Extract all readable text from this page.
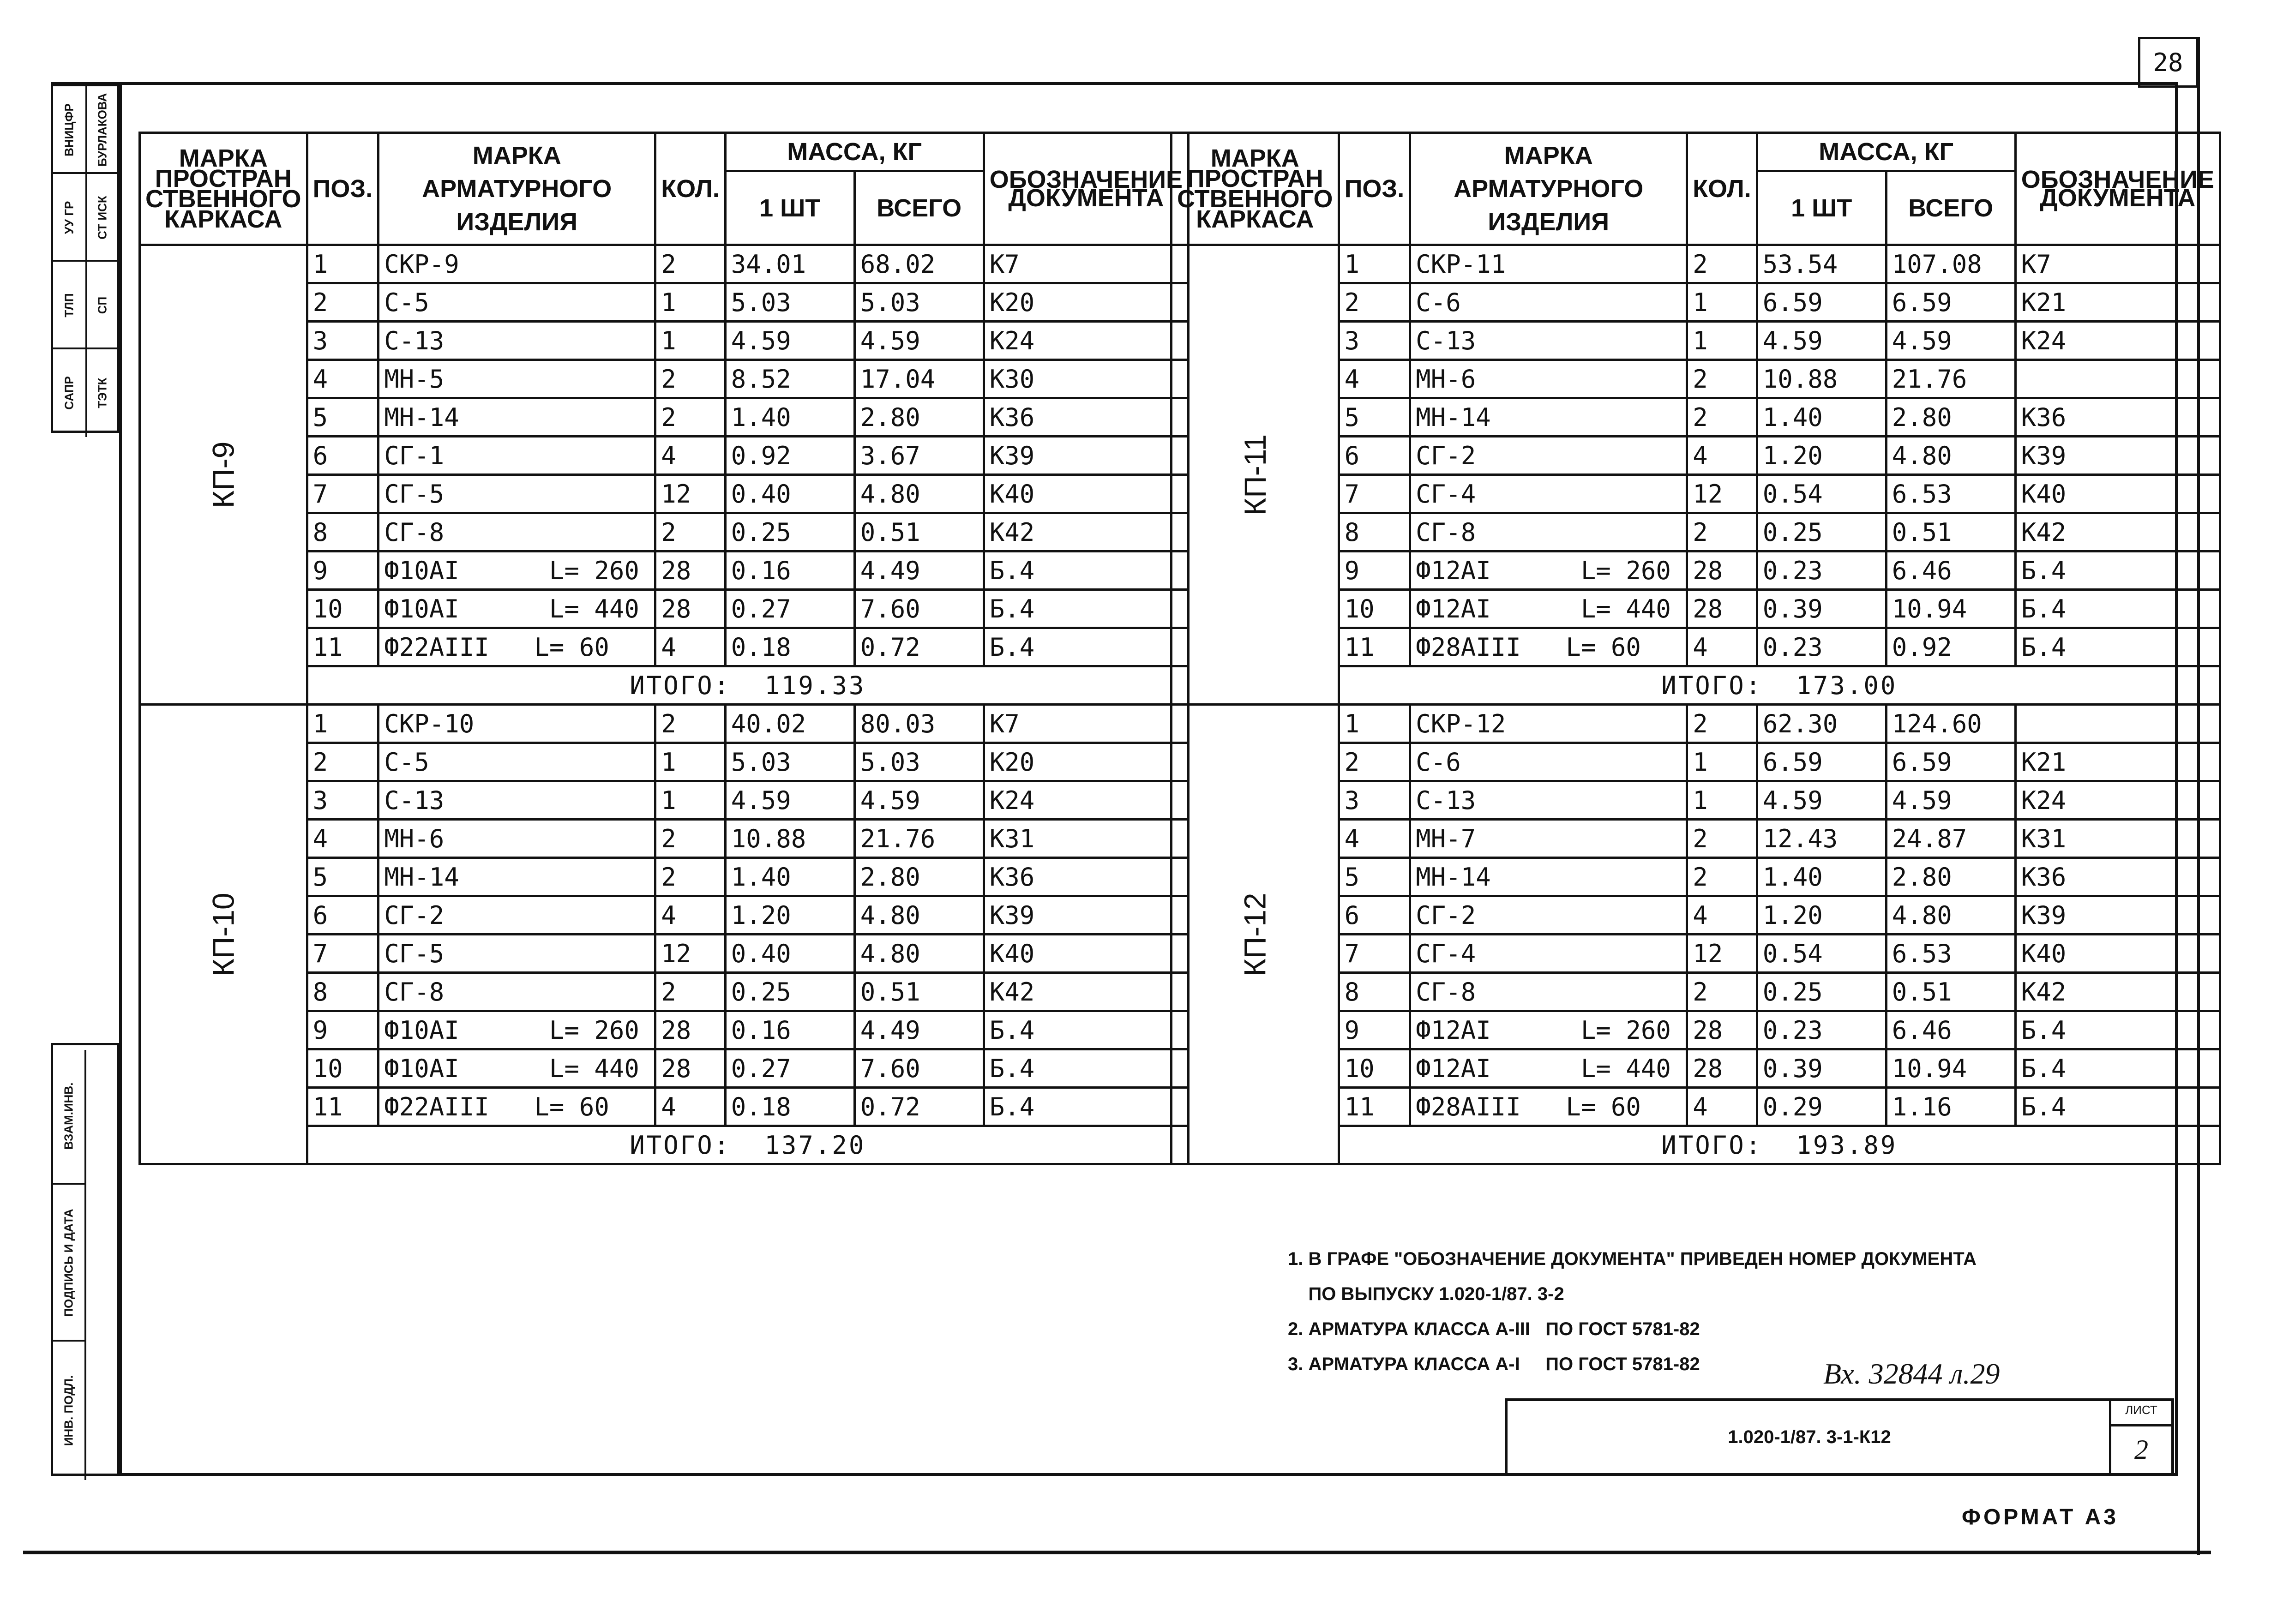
28
САПР ТЭТК
ТЛП СП
УУ ГР СТ ИСК
ВНИЦФР БУРЛАКОВА
ИНВ. ПОДЛ.
ПОДПИСЬ И ДАТА
ВЗАМ.ИНВ.
МАРКА ПРОСТРАН СТВЕННОГО КАРКАСА	ПОЗ.	МАРКА АРМАТУРНОГО ИЗДЕЛИЯ	КОЛ.	МАССА, КГ		ОБОЗНАЧЕНИЕ ДОКУМЕНТА
				1 ШТ	ВСЕГО	
КП-9	1	СКР-9	2	34.01	68.02	К7
	2	С-5	1	5.03	5.03	К20
	3	С-13	1	4.59	4.59	К24
	4	МН-5	2	8.52	17.04	К30
	5	МН-14	2	1.40	2.80	К36
	6	СГ-1	4	0.92	3.67	К39
	7	СГ-5	12	0.40	4.80	К40
	8	СГ-8	2	0.25	0.51	К42
	9	Ф10АI      L= 260	28	0.16	4.49	Б.4
	10	Ф10АI      L= 440	28	0.27	7.60	Б.4
	11	Ф22АIII   L= 60	4	0.18	0.72	Б.4
	ИТОГО:  119.33					
КП-10	1	СКР-10	2	40.02	80.03	К7
	2	С-5	1	5.03	5.03	К20
	3	С-13	1	4.59	4.59	К24
	4	МН-6	2	10.88	21.76	К31
	5	МН-14	2	1.40	2.80	К36
	6	СГ-2	4	1.20	4.80	К39
	7	СГ-5	12	0.40	4.80	К40
	8	СГ-8	2	0.25	0.51	К42
	9	Ф10АI      L= 260	28	0.16	4.49	Б.4
	10	Ф10АI      L= 440	28	0.27	7.60	Б.4
	11	Ф22АIII   L= 60	4	0.18	0.72	Б.4
	ИТОГО:  137.20					
МАРКА ПРОСТРАН СТВЕННОГО КАРКАСА	ПОЗ.	МАРКА АРМАТУРНОГО ИЗДЕЛИЯ	КОЛ.	МАССА, КГ		ОБОЗНАЧЕНИЕ ДОКУМЕНТА
				1 ШТ	ВСЕГО	
КП-11	1	СКР-11	2	53.54	107.08	К7
	2	С-6	1	6.59	6.59	К21
	3	С-13	1	4.59	4.59	К24
	4	МН-6	2	10.88	21.76	
	5	МН-14	2	1.40	2.80	К36
	6	СГ-2	4	1.20	4.80	К39
	7	СГ-4	12	0.54	6.53	К40
	8	СГ-8	2	0.25	0.51	К42
	9	Ф12АI      L= 260	28	0.23	6.46	Б.4
	10	Ф12АI      L= 440	28	0.39	10.94	Б.4
	11	Ф28АIII   L= 60	4	0.23	0.92	Б.4
	ИТОГО:  173.00					
КП-12	1	СКР-12	2	62.30	124.60	
	2	С-6	1	6.59	6.59	К21
	3	С-13	1	4.59	4.59	К24
	4	МН-7	2	12.43	24.87	К31
	5	МН-14	2	1.40	2.80	К36
	6	СГ-2	4	1.20	4.80	К39
	7	СГ-4	12	0.54	6.53	К40
	8	СГ-8	2	0.25	0.51	К42
	9	Ф12АI      L= 260	28	0.23	6.46	Б.4
	10	Ф12АI      L= 440	28	0.39	10.94	Б.4
	11	Ф28АIII   L= 60	4	0.29	1.16	Б.4
	ИТОГО:  193.89					
1. В ГРАФЕ "ОБОЗНАЧЕНИЕ ДОКУМЕНТА" ПРИВЕДЕН НОМЕР ДОКУМЕНТА
ПО ВЫПУСКУ 1.020-1/87. 3-2
2. АРМАТУРА КЛАССА А-III   ПО ГОСТ 5781-82
3. АРМАТУРА КЛАССА А-I     ПО ГОСТ 5781-82	Вх. 32844 л.29
1.020-1/87. 3-1-К12
ЛИСТ
2
ФОРМАТ А3
